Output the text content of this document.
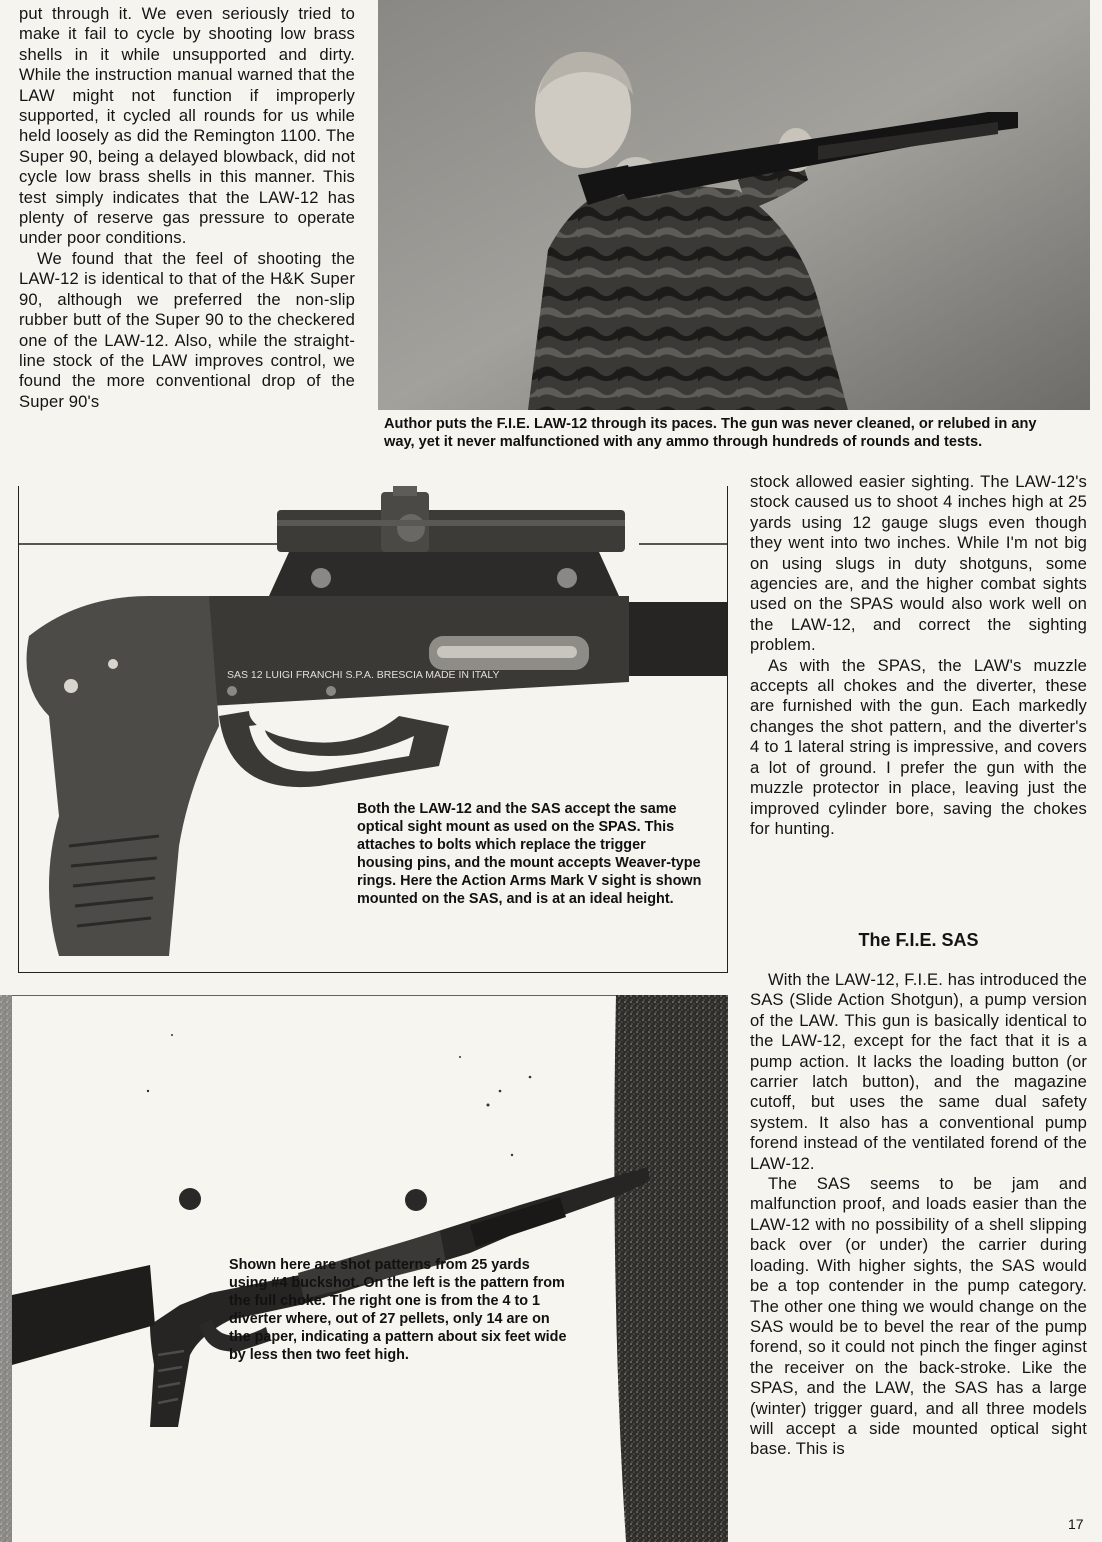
put through it. We even seriously tried to make it fail to cycle by shooting low brass shells in it while unsupported and dirty. While the instruction manual warned that the LAW might not function if improperly supported, it cycled all rounds for us while held loosely as did the Remington 1100. The Super 90, being a delayed blowback, did not cycle low brass shells in this manner. This test simply indicates that the LAW-12 has plenty of reserve gas pressure to operate under poor conditions.

We found that the feel of shooting the LAW-12 is identical to that of the H&K Super 90, although we preferred the non-slip rubber butt of the Super 90 to the checkered one of the LAW-12. Also, while the straight-line stock of the LAW improves control, we found the more conventional drop of the Super 90's

Author puts the F.I.E. LAW-12 through its paces. The gun was never cleaned, or relubed in any way, yet it never malfunctioned with any ammo through hundreds of rounds and tests.
SAS 12 LUIGI FRANCHI S.P.A. BRESCIA MADE IN ITALY
Both the LAW-12 and the SAS accept the same optical sight mount as used on the SPAS. This attaches to bolts which replace the trigger housing pins, and the mount accepts Weaver-type rings. Here the Action Arms Mark V sight is shown mounted on the SAS, and is at an ideal height.
Shown here are shot patterns from 25 yards using #4 buckshot. On the left is the pattern from the full choke. The right one is from the 4 to 1 diverter where, out of 27 pellets, only 14 are on the paper, indicating a pattern about six feet wide by less then two feet high.

stock allowed easier sighting. The LAW-12's stock caused us to shoot 4 inches high at 25 yards using 12 gauge slugs even though they went into two inches. While I'm not big on using slugs in duty shotguns, some agencies are, and the higher combat sights used on the SPAS would also work well on the LAW-12, and correct the sighting problem.

As with the SPAS, the LAW's muzzle accepts all chokes and the diverter, these are furnished with the gun. Each markedly changes the shot pattern, and the diverter's 4 to 1 lateral string is impressive, and covers a lot of ground. I prefer the gun with the muzzle protector in place, leaving just the improved cylinder bore, saving the chokes for hunting.

The F.I.E. SAS

With the LAW-12, F.I.E. has introduced the SAS (Slide Action Shotgun), a pump version of the LAW. This gun is basically identical to the LAW-12, except for the fact that it is a pump action. It lacks the loading button (or carrier latch button), and the magazine cutoff, but uses the same dual safety system. It also has a conventional pump forend instead of the ventilated forend of the LAW-12.

The SAS seems to be jam and malfunction proof, and loads easier than the LAW-12 with no possibility of a shell slipping back over (or under) the carrier during loading. With higher sights, the SAS would be a top contender in the pump category. The other one thing we would change on the SAS would be to bevel the rear of the pump forend, so it could not pinch the finger aginst the receiver on the back-stroke. Like the SPAS, and the LAW, the SAS has a large (winter) trigger guard, and all three models will accept a side mounted optical sight base. This is

17
